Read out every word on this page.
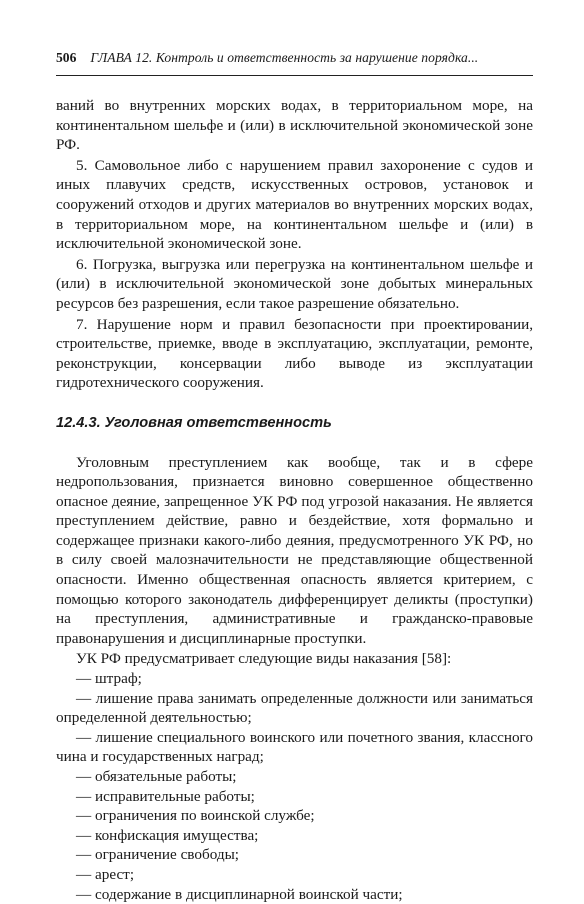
506 ГЛАВА 12. Контроль и ответственность за нарушение порядка...

ваний во внутренних морских водах, в территориальном море, на континентальном шельфе и (или) в исключительной экономической зоне РФ.

5. Самовольное либо с нарушением правил захоронение с судов и иных плавучих средств, искусственных островов, установок и сооружений отходов и других материалов во внутренних морских водах, в территориальном море, на континентальном шельфе и (или) в исключительной экономической зоне.

6. Погрузка, выгрузка или перегрузка на континентальном шельфе и (или) в исключительной экономической зоне добытых минеральных ресурсов без разрешения, если такое разрешение обязательно.

7. Нарушение норм и правил безопасности при проектировании, строительстве, приемке, вводе в эксплуатацию, эксплуатации, ремонте, реконструкции, консервации либо выводе из эксплуатации гидротехнического сооружения.

12.4.3. Уголовная ответственность

Уголовным преступлением как вообще, так и в сфере недропользования, признается виновно совершенное общественно опасное деяние, запрещенное УК РФ под угрозой наказания. Не является преступлением действие, равно и бездействие, хотя формально и содержащее признаки какого-либо деяния, предусмотренного УК РФ, но в силу своей малозначительности не представляющие общественной опасности. Именно общественная опасность является критерием, с помощью которого законодатель дифференцирует деликты (проступки) на преступления, административные и гражданско-правовые правонарушения и дисциплинарные проступки.

УК РФ предусматривает следующие виды наказания [58]:

— штраф;

— лишение права занимать определенные должности или заниматься определенной деятельностью;

— лишение специального воинского или почетного звания, классного чина и государственных наград;

— обязательные работы;

— исправительные работы;

— ограничения по воинской службе;

— конфискация имущества;

— ограничение свободы;

— арест;

— содержание в дисциплинарной воинской части;
